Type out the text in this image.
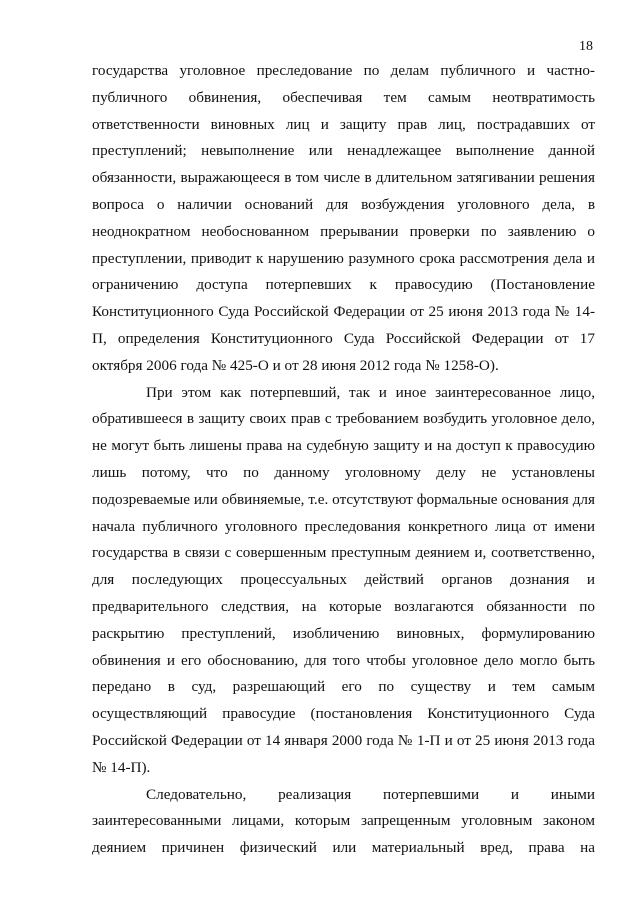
18
государства уголовное преследование по делам публичного и частно-
публичного обвинения, обеспечивая тем самым неотвратимость
ответственности виновных лиц и защиту прав лиц, пострадавших от
преступлений; невыполнение или ненадлежащее выполнение данной
обязанности, выражающееся в том числе в длительном затягивании решения
вопроса о наличии оснований для возбуждения уголовного дела, в
неоднократном необоснованном прерывании проверки по заявлению о
преступлении, приводит к нарушению разумного срока рассмотрения дела и
ограничению доступа потерпевших к правосудию (Постановление
Конституционного Суда Российской Федерации от 25 июня 2013 года № 14-
П, определения Конституционного Суда Российской Федерации от 17
октября 2006 года № 425-О и от 28 июня 2012 года № 1258-О).
При этом как потерпевший, так и иное заинтересованное лицо,
обратившееся в защиту своих прав с требованием возбудить уголовное дело,
не могут быть лишены права на судебную защиту и на доступ к правосудию
лишь потому, что по данному уголовному делу не установлены
подозреваемые или обвиняемые, т.е. отсутствуют формальные основания для
начала публичного уголовного преследования конкретного лица от имени
государства в связи с совершенным преступным деянием и, соответственно,
для последующих процессуальных действий органов дознания и
предварительного следствия, на которые возлагаются обязанности по
раскрытию преступлений, изобличению виновных, формулированию
обвинения и его обоснованию, для того чтобы уголовное дело могло быть
передано в суд, разрешающий его по существу и тем самым
осуществляющий правосудие (постановления Конституционного Суда
Российской Федерации от 14 января 2000 года № 1-П и от 25 июня 2013 года
№ 14-П).
Следовательно, реализация потерпевшими и иными
заинтересованными лицами, которым запрещенным уголовным законом
деянием причинен физический или материальный вред, права на
